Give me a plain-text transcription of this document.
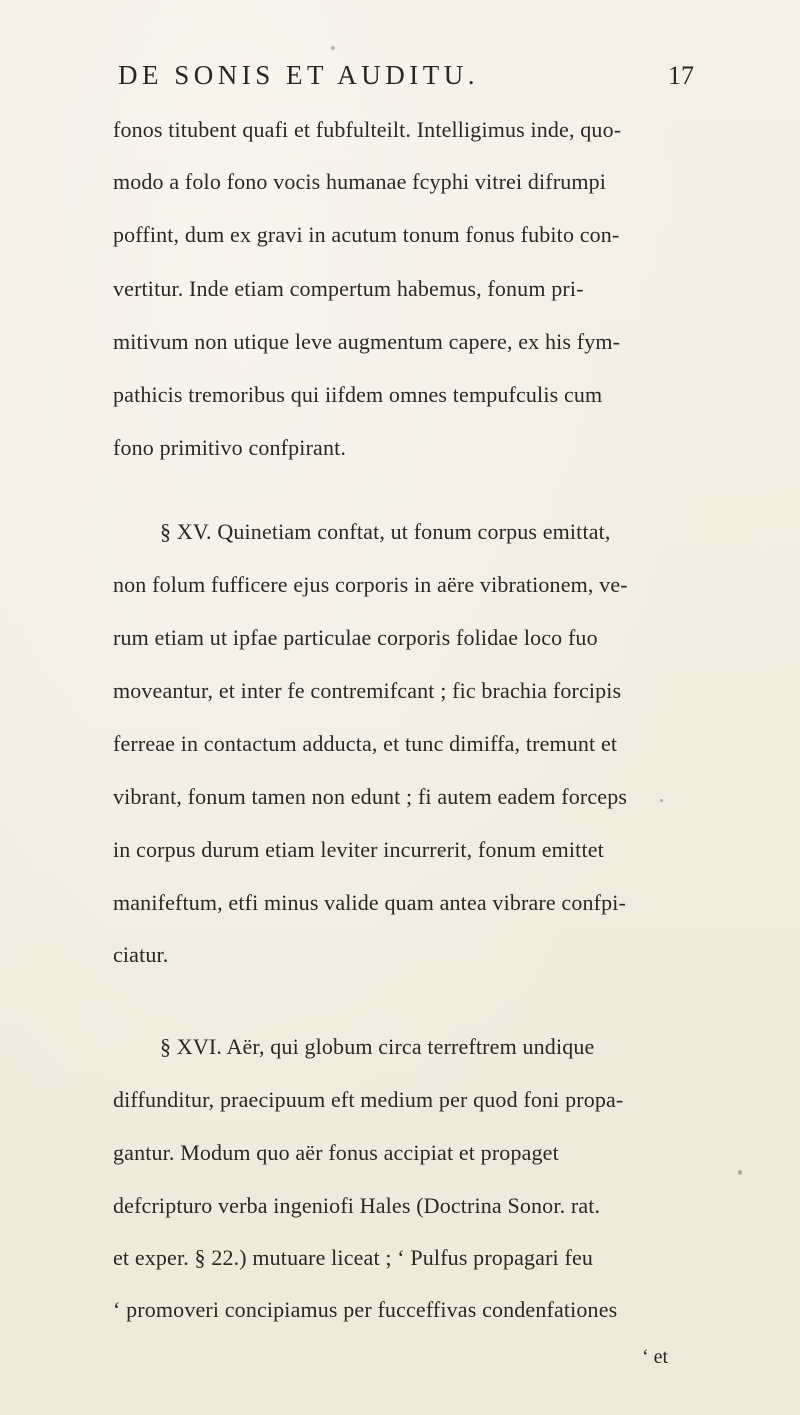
DE SONIS ET AUDITU.	17
fonos titubent quafi et fubfulteilt. Intelligimus inde, quo-
modo a folo fono vocis humanae fcyphi vitrei difrumpi
poffint, dum ex gravi in acutum tonum fonus fubito con-
vertitur. Inde etiam compertum habemus, fonum pri-
mitivum non utique leve augmentum capere, ex his fym-
pathicis tremoribus qui iifdem omnes tempufculis cum
fono primitivo confpirant.
§ XV. Quinetiam conftat, ut fonum corpus emittat,
non folum fufficere ejus corporis in aëre vibrationem, ve-
rum etiam ut ipfae particulae corporis folidae loco fuo
moveantur, et inter fe contremifcant ; fic brachia forcipis
ferreae in contactum adducta, et tunc dimiffa, tremunt et
vibrant, fonum tamen non edunt ; fi autem eadem forceps
in corpus durum etiam leviter incurrerit, fonum emittet
manifeftum, etfi minus valide quam antea vibrare confpi-
ciatur.
§ XVI. Aër, qui globum circa terreftrem undique
diffunditur, praecipuum eft medium per quod foni propa-
gantur. Modum quo aër fonus accipiat et propaget
defcripturo verba ingeniofi Hales (Doctrina Sonor. rat.
et exper. § 22.) mutuare liceat ; ‘ Pulfus propagari feu
‘ promoveri concipiamus per fucceffivas condenfationes
‘ et
